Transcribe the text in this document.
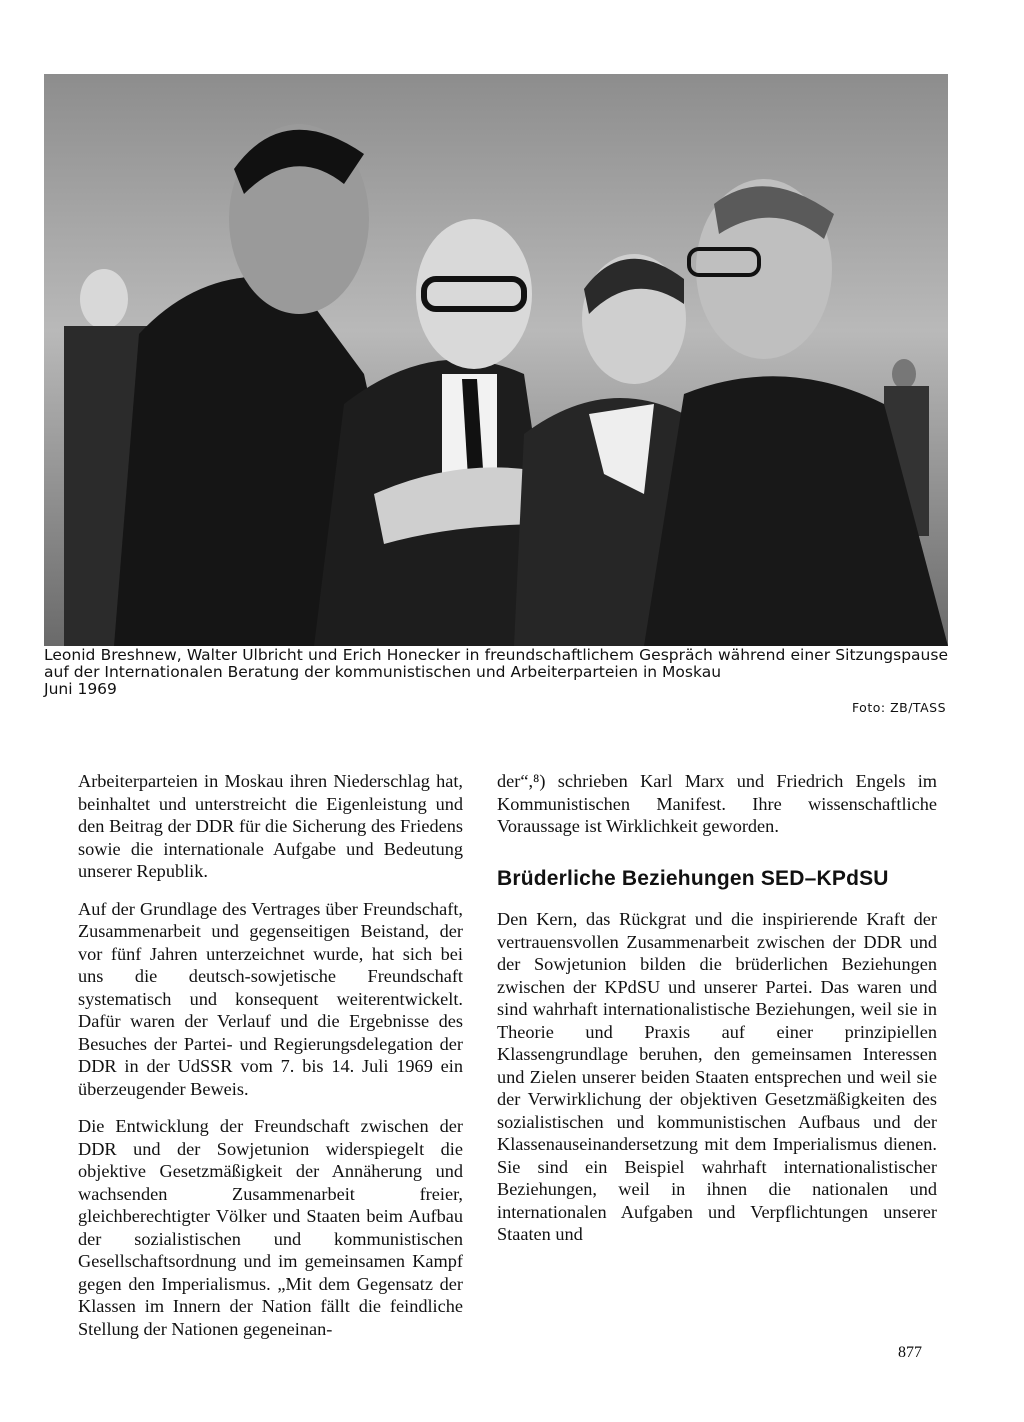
Leonid Breshnew, Walter Ulbricht und Erich Honecker in freundschaftlichem Gespräch während einer Sitzungspause auf der Internationalen Beratung der kommunistischen und Arbeiterparteien in Moskau
Juni 1969
Foto: ZB/TASS

Arbeiterparteien in Moskau ihren Niederschlag hat, beinhaltet und unterstreicht die Eigenleistung und den Beitrag der DDR für die Sicherung des Friedens sowie die internationale Aufgabe und Bedeutung unserer Republik.

Auf der Grundlage des Vertrages über Freundschaft, Zusammenarbeit und gegenseitigen Beistand, der vor fünf Jahren unterzeichnet wurde, hat sich bei uns die deutsch-sowjetische Freundschaft systematisch und konsequent weiterentwickelt. Dafür waren der Verlauf und die Ergebnisse des Besuches der Partei- und Regierungsdelegation der DDR in der UdSSR vom 7. bis 14. Juli 1969 ein überzeugender Beweis.

Die Entwicklung der Freundschaft zwischen der DDR und der Sowjetunion widerspiegelt die objektive Gesetzmäßigkeit der Annäherung und wachsenden Zusammenarbeit freier, gleichberechtigter Völker und Staaten beim Aufbau der sozialistischen und kommunistischen Gesellschaftsordnung und im gemeinsamen Kampf gegen den Imperialismus. „Mit dem Gegensatz der Klassen im Innern der Nation fällt die feindliche Stellung der Nationen gegeneinan-

der“,⁸) schrieben Karl Marx und Friedrich Engels im Kommunistischen Manifest. Ihre wissenschaftliche Voraussage ist Wirklichkeit geworden.

Brüderliche Beziehungen SED–KPdSU

Den Kern, das Rückgrat und die inspirierende Kraft der vertrauensvollen Zusammenarbeit zwischen der DDR und der Sowjetunion bilden die brüderlichen Beziehungen zwischen der KPdSU und unserer Partei. Das waren und sind wahrhaft internationalistische Beziehungen, weil sie in Theorie und Praxis auf einer prinzipiellen Klassengrundlage beruhen, den gemeinsamen Interessen und Zielen unserer beiden Staaten entsprechen und weil sie der Verwirklichung der objektiven Gesetzmäßigkeiten des sozialistischen und kommunistischen Aufbaus und der Klassenauseinandersetzung mit dem Imperialismus dienen. Sie sind ein Beispiel wahrhaft internationalistischer Beziehungen, weil in ihnen die nationalen und internationalen Aufgaben und Verpflichtungen unserer Staaten und

877
